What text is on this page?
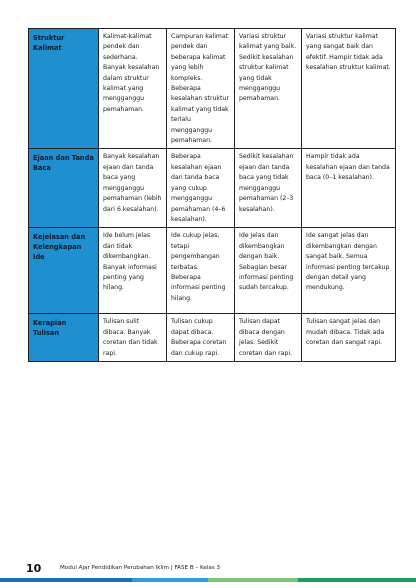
Struktur Kalimat	Kalimat-kalimat pendek dan sederhana. Banyak kesalahan dalam struktur kalimat yang mengganggu pemahaman.	Campuran kalimat pendek dan beberapa kalimat yang lebih kompleks. Beberapa kesalahan struktur kalimat yang tidak terlalu mengganggu pemahaman.	Variasi struktur kalimat yang baik. Sedikit kesalahan struktur kalimat yang tidak mengganggu pemahaman.	Variasi struktur kalimat yang sangat baik dan efektif. Hampir tidak ada kesalahan struktur kalimat.
Ejaan dan Tanda Baca	Banyak kesalahan ejaan dan tanda baca yang mengganggu pemahaman (lebih dari 6 kesalahan).	Beberapa kesalahan ejaan dan tanda baca yang cukup mengganggu pemahaman (4–6 kesalahan).	Sedikit kesalahan ejaan dan tanda baca yang tidak mengganggu pemahaman (2–3 kesalahan).	Hampir tidak ada kesalahan ejaan dan tanda baca (0–1 kesalahan).
Kejelasan dan Kelengkapan Ide	Ide belum jelas dan tidak dikembangkan. Banyak informasi penting yang hilang.	Ide cukup jelas, tetapi pengembangan terbatas. Beberapa informasi penting hilang.	Ide jelas dan dikembangkan dengan baik. Sebagian besar informasi penting sudah tercakup.	Ide sangat jelas dan dikembangkan dengan sangat baik. Semua informasi penting tercakup dengan detail yang mendukung.
Kerapian Tulisan	Tulisan sulit dibaca. Banyak coretan dan tidak rapi.	Tulisan cukup dapat dibaca. Beberapa coretan dan cukup rapi.	Tulisan dapat dibaca dengan jelas. Sedikit coretan dan rapi.	Tulisan sangat jelas dan mudah dibaca. Tidak ada coretan dan sangat rapi.
10	Modul Ajar Pendidikan Perubahan Iklim | FASE B – Kelas 3
